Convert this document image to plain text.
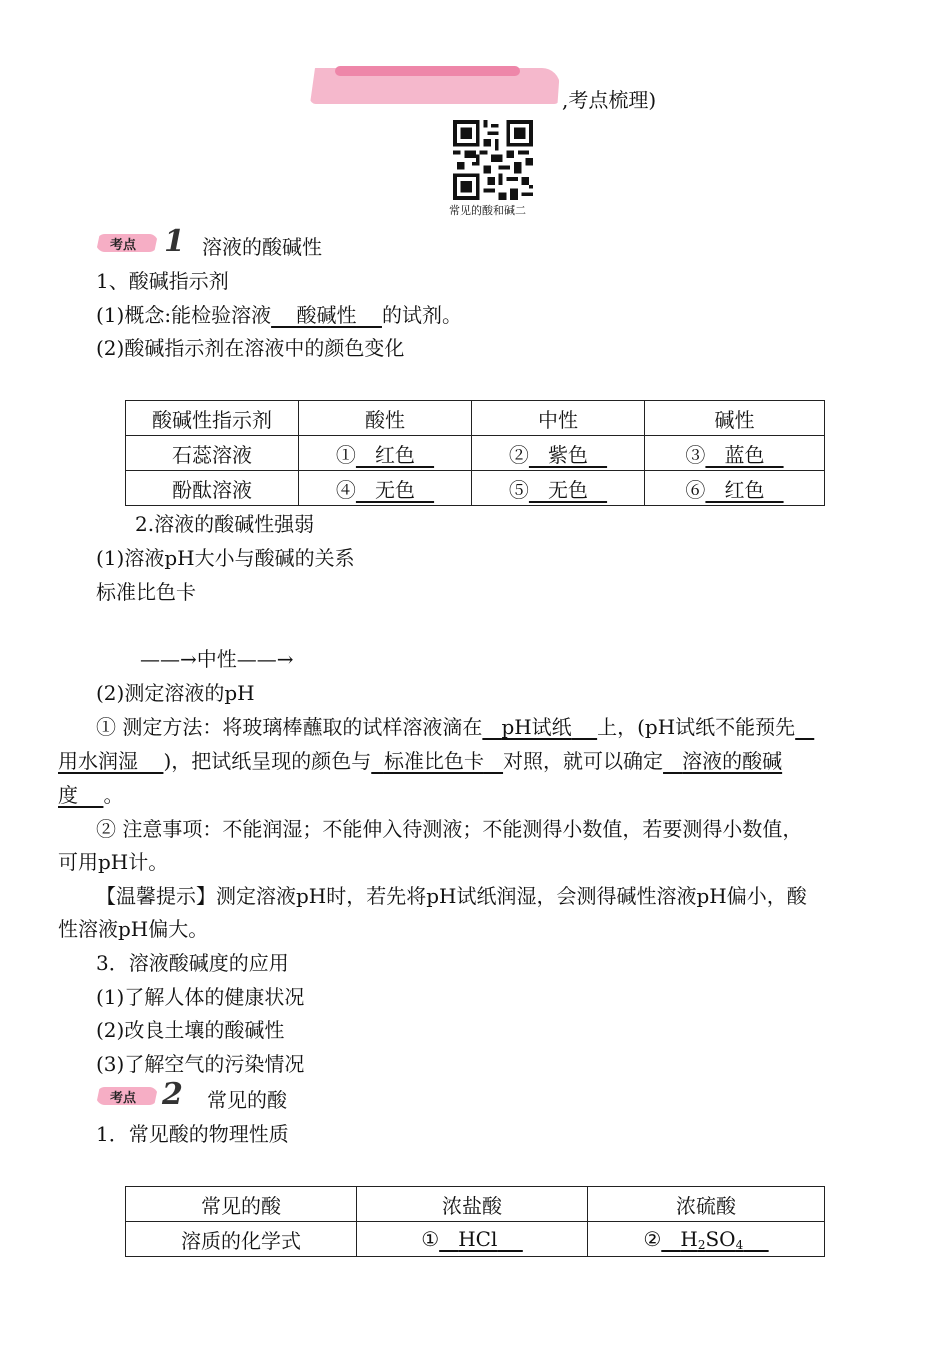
,考点梳理)
常见的酸和碱二
考点 1 溶液的酸碱性
1、酸碱指示剂
(1)概念:能检验溶液 酸碱性 的试剂。
(2)酸碱指示剂在溶液中的颜色变化
酸碱性指示剂	酸性	中性	碱性
石蕊溶液	① 红色	② 紫色	③ 蓝色
酚酞溶液	④ 无色	⑤ 无色	⑥ 红色
2.溶液的酸碱性强弱
(1)溶液pH大小与酸碱的关系
标准比色卡
——→中性——→
(2)测定溶液的pH
① 测定方法：将玻璃棒蘸取的试样溶液滴在 pH试纸 上，(pH试纸不能预先
用水润湿 )，把试纸呈现的颜色与 标准比色卡 对照，就可以确定 溶液的酸碱
度 。
② 注意事项：不能润湿；不能伸入待测液；不能测得小数值，若要测得小数值，
可用pH计。
【温馨提示】测定溶液pH时，若先将pH试纸润湿，会测得碱性溶液pH偏小，酸
性溶液pH偏大。
3．溶液酸碱度的应用
(1)了解人体的健康状况
(2)改良土壤的酸碱性
(3)了解空气的污染情况
考点 2 常见的酸
1．常见酸的物理性质
常见的酸	浓盐酸	浓硫酸
溶质的化学式	① HCl	② $H_2SO_4$
